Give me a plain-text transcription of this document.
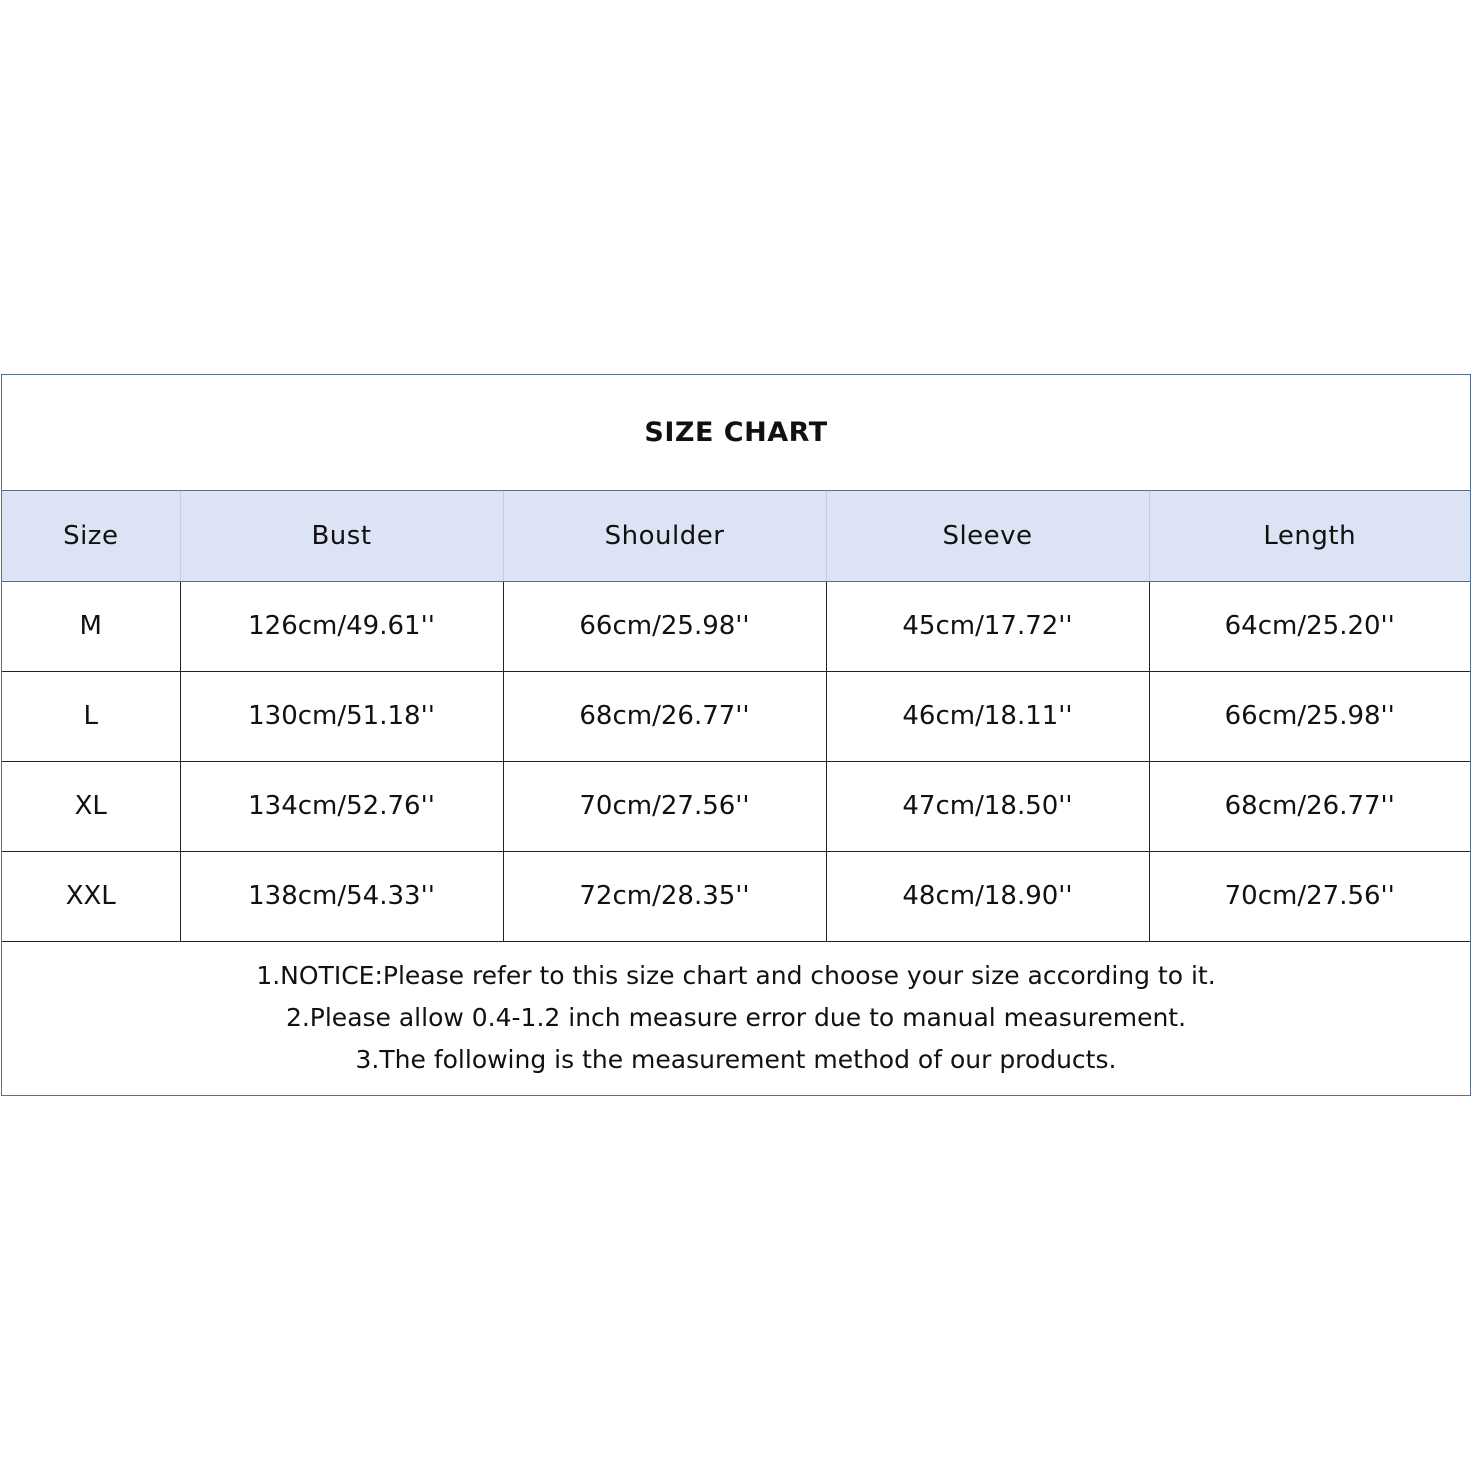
SIZE CHART
Size	Bust	Shoulder	Sleeve	Length
M	126cm/49.61''	66cm/25.98''	45cm/17.72''	64cm/25.20''
L	130cm/51.18''	68cm/26.77''	46cm/18.11''	66cm/25.98''
XL	134cm/52.76''	70cm/27.56''	47cm/18.50''	68cm/26.77''
XXL	138cm/54.33''	72cm/28.35''	48cm/18.90''	70cm/27.56''
1.NOTICE:Please refer to this size chart and choose your size according to it.
2.Please allow 0.4-1.2 inch measure error due to manual measurement.
3.The following is the measurement method of our products.
